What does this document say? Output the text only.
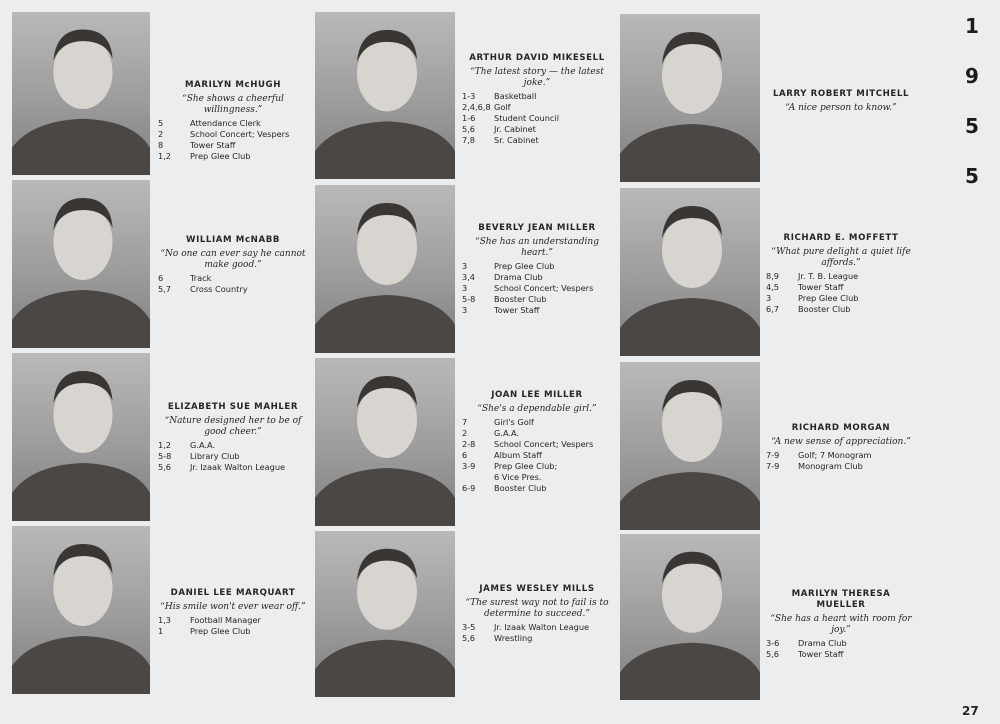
1
9
5
5
27
MARILYN McHUGH
“She shows a cheerful willingness.”
5	Attendance Clerk
2	School Concert; Vespers
8	Tower Staff
1,2	Prep Glee Club
WILLIAM McNABB
“No one can ever say he cannot make good.”
6	Track
5,7	Cross Country
ELIZABETH SUE MAHLER
“Nature designed her to be of good cheer.”
1,2	G.A.A.
5-8	Library Club
5,6	Jr. Izaak Walton League
DANIEL LEE MARQUART
“His smile won't ever wear off.”
1,3	Football Manager
1	Prep Glee Club
ARTHUR DAVID MIKESELL
“The latest story — the latest joke.”
1-3	Basketball
2,4,6,8 Golf
1-6	Student Council
5,6	Jr. Cabinet
7,8	Sr. Cabinet
BEVERLY JEAN MILLER
“She has an understanding heart.”
3	Prep Glee Club
3,4	Drama Club
3	School Concert; Vespers
5-8	Booster Club
3	Tower Staff
JOAN LEE MILLER
“She's a dependable girl.”
7	Girl's Golf
2	G.A.A.
2-8	School Concert; Vespers
6	Album Staff
3-9	Prep Glee Club;
6 Vice Pres.
6-9	Booster Club
JAMES WESLEY MILLS
“The surest way not to fail is to determine to succeed.”
3-5	Jr. Izaak Walton League
5,6	Wrestling
LARRY ROBERT MITCHELL
“A nice person to know.”
RICHARD E. MOFFETT
“What pure delight a quiet life affords.”
8,9	Jr. T. B. League
4,5	Tower Staff
3	Prep Glee Club
6,7	Booster Club
RICHARD MORGAN
“A new sense of appreciation.”
7-9	Golf; 7 Monogram
7-9	Monogram Club
MARILYN THERESA MUELLER
“She has a heart with room for joy.”
3-6	Drama Club
5,6	Tower Staff
